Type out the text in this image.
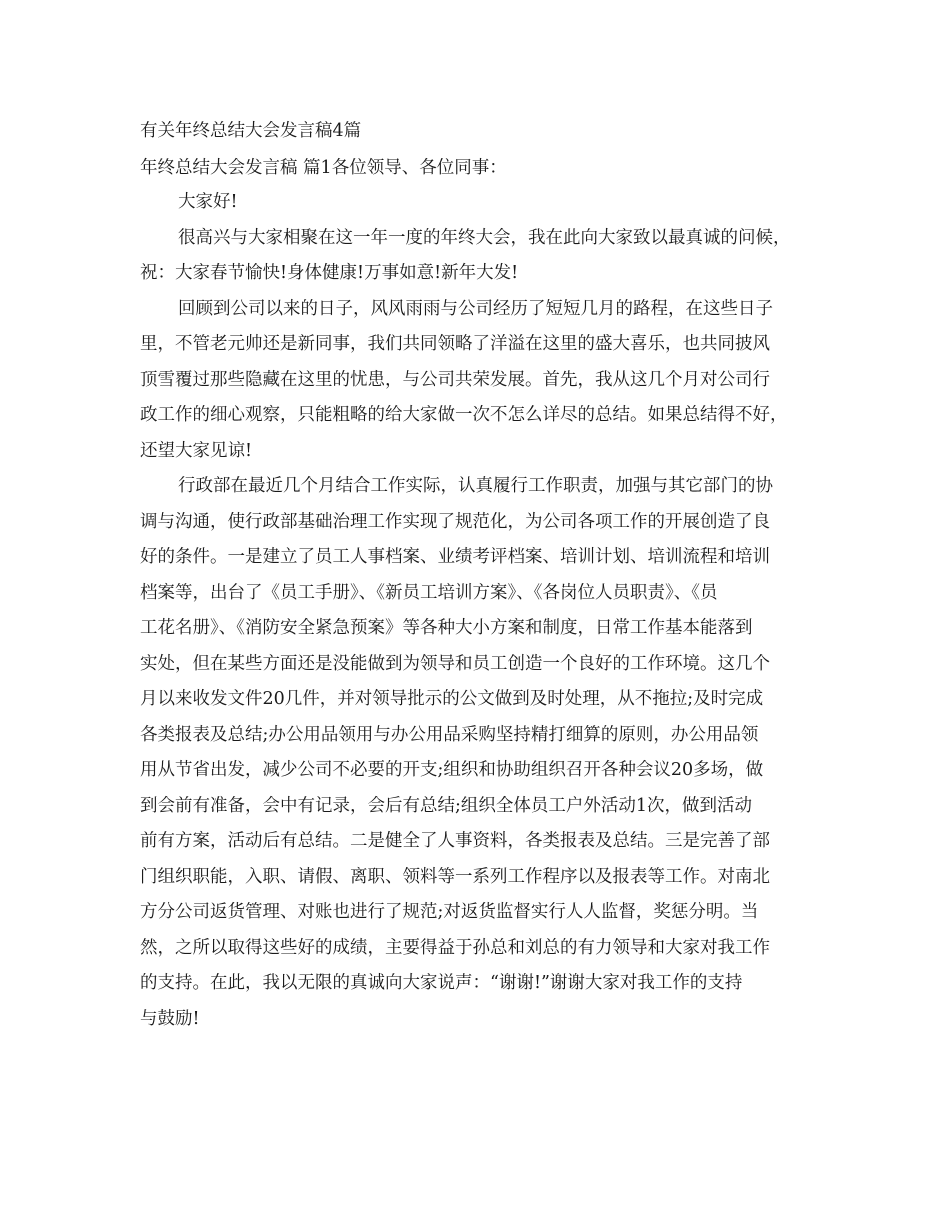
有关年终总结大会发言稿4篇
年终总结大会发言稿 篇1各位领导、各位同事：
大家好!
很高兴与大家相聚在这一年一度的年终大会，我在此向大家致以最真诚的问候，
祝：大家春节愉快!身体健康!万事如意!新年大发!
回顾到公司以来的日子，风风雨雨与公司经历了短短几月的路程，在这些日子
里，不管老元帅还是新同事，我们共同领略了洋溢在这里的盛大喜乐，也共同披风
顶雪覆过那些隐藏在这里的忧患，与公司共荣发展。首先，我从这几个月对公司行
政工作的细心观察，只能粗略的给大家做一次不怎么详尽的总结。如果总结得不好，
还望大家见谅!
行政部在最近几个月结合工作实际，认真履行工作职责，加强与其它部门的协
调与沟通，使行政部基础治理工作实现了规范化，为公司各项工作的开展创造了良
好的条件。一是建立了员工人事档案、业绩考评档案、培训计划、培训流程和培训
档案等，出台了《员工手册》、《新员工培训方案》、《各岗位人员职责》、《员
工花名册》、《消防安全紧急预案》等各种大小方案和制度，日常工作基本能落到
实处，但在某些方面还是没能做到为领导和员工创造一个良好的工作环境。这几个
月以来收发文件20几件，并对领导批示的公文做到及时处理，从不拖拉;及时完成
各类报表及总结;办公用品领用与办公用品采购坚持精打细算的原则，办公用品领
用从节省出发，减少公司不必要的开支;组织和协助组织召开各种会议20多场，做
到会前有准备，会中有记录，会后有总结;组织全体员工户外活动1次，做到活动
前有方案，活动后有总结。二是健全了人事资料，各类报表及总结。三是完善了部
门组织职能，入职、请假、离职、领料等一系列工作程序以及报表等工作。对南北
方分公司返货管理、对账也进行了规范;对返货监督实行人人监督，奖惩分明。当
然，之所以取得这些好的成绩，主要得益于孙总和刘总的有力领导和大家对我工作
的支持。在此，我以无限的真诚向大家说声：“谢谢!”谢谢大家对我工作的支持
与鼓励!
